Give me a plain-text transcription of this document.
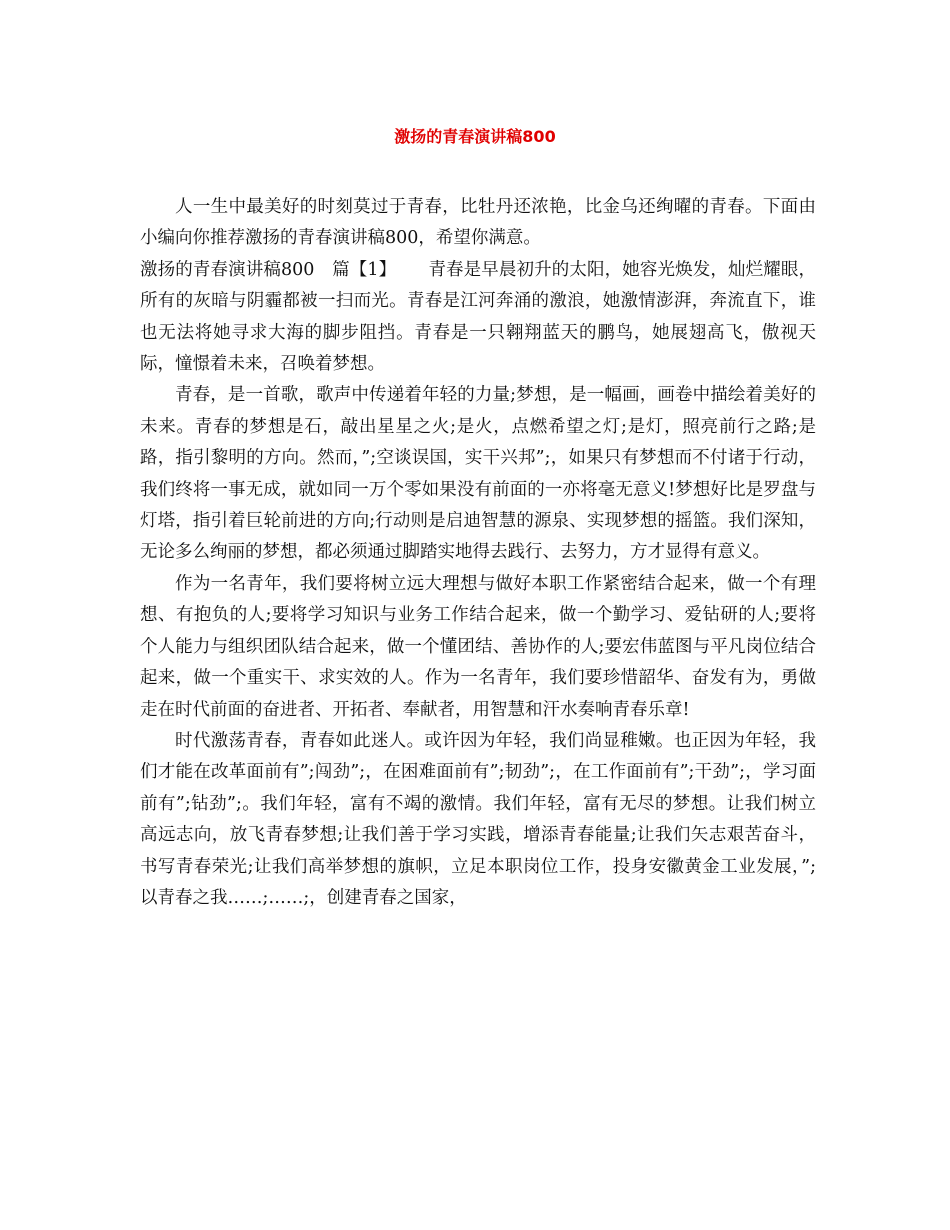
激扬的青春演讲稿800

人一生中最美好的时刻莫过于青春，比牡丹还浓艳，比金乌还绚曜的青春。下面由小编向你推荐激扬的青春演讲稿800，希望你满意。

激扬的青春演讲稿800　篇【1】　　 青春是早晨初升的太阳，她容光焕发，灿烂耀眼，所有的灰暗与阴霾都被一扫而光。青春是江河奔涌的激浪，她激情澎湃，奔流直下，谁也无法将她寻求大海的脚步阻挡。青春是一只翱翔蓝天的鹏鸟，她展翅高飞，傲视天际，憧憬着未来，召唤着梦想。

青春，是一首歌，歌声中传递着年轻的力量;梦想，是一幅画，画卷中描绘着美好的未来。青春的梦想是石，敲出星星之火;是火，点燃希望之灯;是灯，照亮前行之路;是路，指引黎明的方向。然而，”;空谈误国，实干兴邦”;，如果只有梦想而不付诸于行动，我们终将一事无成，就如同一万个零如果没有前面的一亦将毫无意义!梦想好比是罗盘与灯塔，指引着巨轮前进的方向;行动则是启迪智慧的源泉、实现梦想的摇篮。我们深知，无论多么绚丽的梦想，都必须通过脚踏实地得去践行、去努力，方才显得有意义。

作为一名青年，我们要将树立远大理想与做好本职工作紧密结合起来，做一个有理想、有抱负的人;要将学习知识与业务工作结合起来，做一个勤学习、爱钻研的人;要将个人能力与组织团队结合起来，做一个懂团结、善协作的人;要宏伟蓝图与平凡岗位结合起来，做一个重实干、求实效的人。作为一名青年，我们要珍惜韶华、奋发有为，勇做走在时代前面的奋进者、开拓者、奉献者，用智慧和汗水奏响青春乐章!

时代激荡青春，青春如此迷人。或许因为年轻，我们尚显稚嫩。也正因为年轻，我们才能在改革面前有”;闯劲”;，在困难面前有”;韧劲”;，在工作面前有”;干劲”;，学习面前有”;钻劲”;。我们年轻，富有不竭的激情。我们年轻，富有无尽的梦想。让我们树立高远志向，放飞青春梦想;让我们善于学习实践，增添青春能量;让我们矢志艰苦奋斗，书写青春荣光;让我们高举梦想的旗帜，立足本职岗位工作，投身安徽黄金工业发展，”;以青春之我……;……;，创建青春之国家，
